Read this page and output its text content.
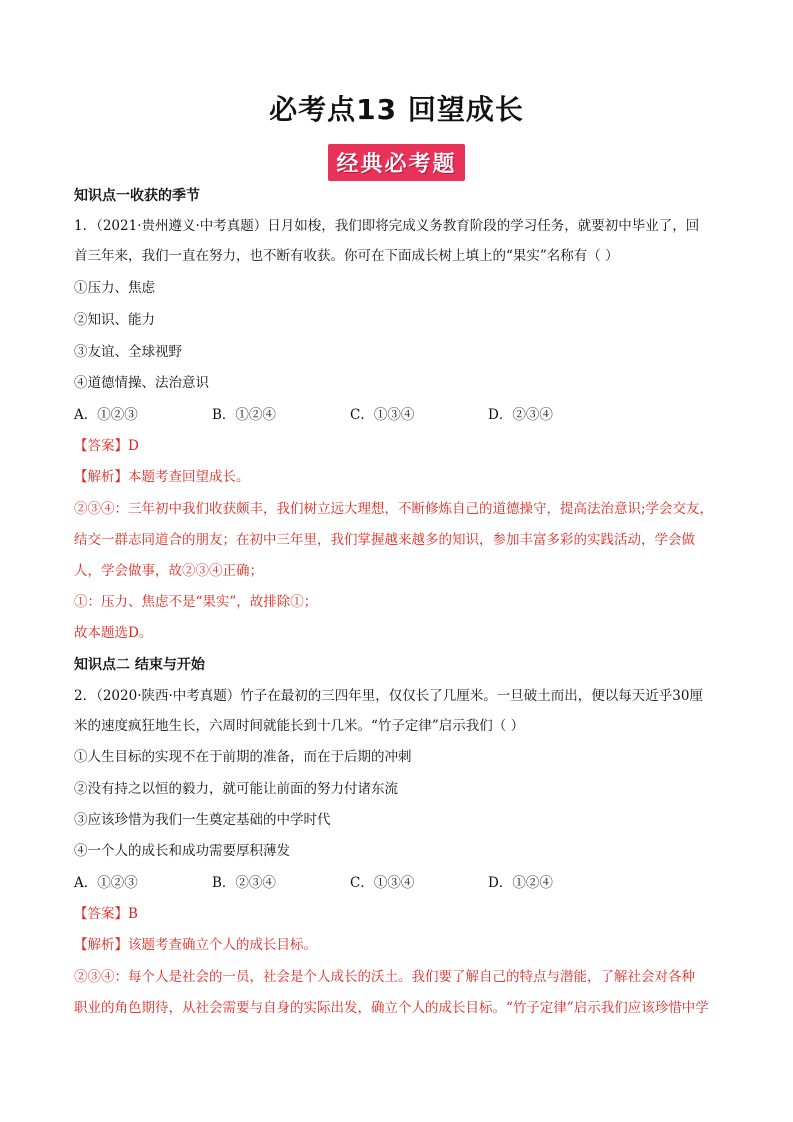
必考点13 回望成长
经典必考题
知识点一收获的季节
1．（2021·贵州遵义·中考真题）日月如梭，我们即将完成义务教育阶段的学习任务，就要初中毕业了，回
首三年来，我们一直在努力，也不断有收获。你可在下面成长树上填上的“果实”名称有（ ）
①压力、焦虑
②知识、能力
③友谊、全球视野
④道德情操、法治意识
A．①②③	B．①②④	C．①③④	D．②③④
【答案】D
【解析】本题考查回望成长。
②③④：三年初中我们收获颇丰，我们树立远大理想，不断修炼自己的道德操守，提高法治意识;学会交友，
结交一群志同道合的朋友；在初中三年里，我们掌握越来越多的知识，参加丰富多彩的实践活动，学会做
人，学会做事，故②③④正确；
①：压力、焦虑不是“果实”，故排除①；
故本题选D。
知识点二 结束与开始
2．（2020·陕西·中考真题）竹子在最初的三四年里，仅仅长了几厘米。一旦破土而出，便以每天近乎30厘
米的速度疯狂地生长，六周时间就能长到十几米。“竹子定律”启示我们（ ）
①人生目标的实现不在于前期的准备，而在于后期的冲刺
②没有持之以恒的毅力，就可能让前面的努力付诸东流
③应该珍惜为我们一生奠定基础的中学时代
④一个人的成长和成功需要厚积薄发
A．①②③	B．②③④	C．①③④	D．①②④
【答案】B
【解析】该题考查确立个人的成长目标。
②③④：每个人是社会的一员，社会是个人成长的沃土。我们要了解自己的特点与潜能，了解社会对各种
职业的角色期待，从社会需要与自身的实际出发，确立个人的成长目标。“竹子定律”启示我们应该珍惜中学
